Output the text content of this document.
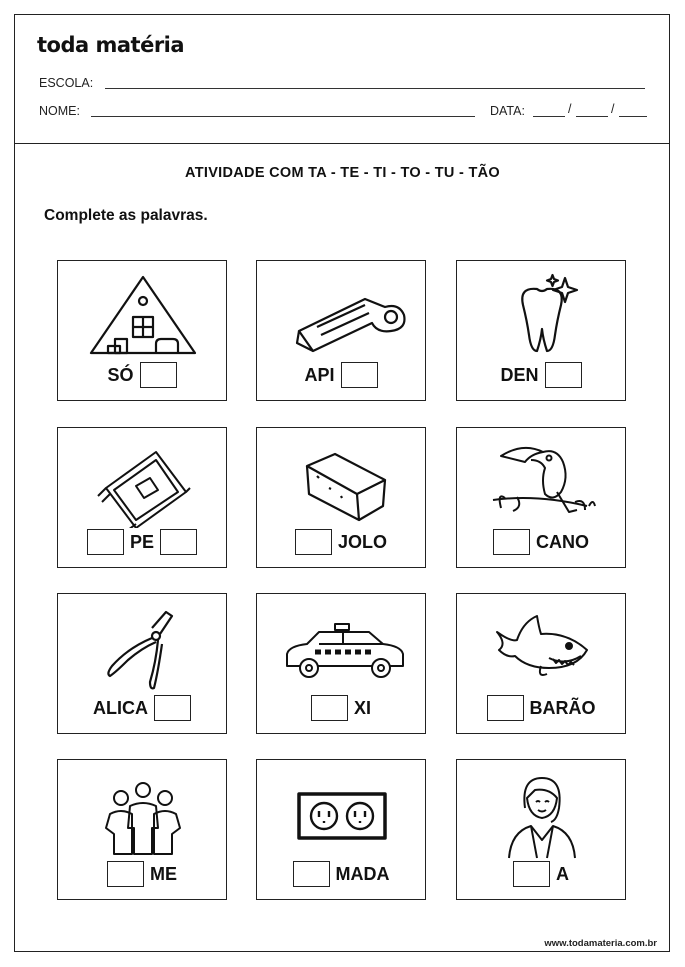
toda matéria
ESCOLA:
NOME:	DATA:	/	/
ATIVIDADE COM TA - TE - TI - TO - TU - TÃO
Complete as palavras.
SÓ	API	DEN
PE	JOLO	CANO
ALICA	XI	BARÃO
ME	MADA	A
www.todamateria.com.br
